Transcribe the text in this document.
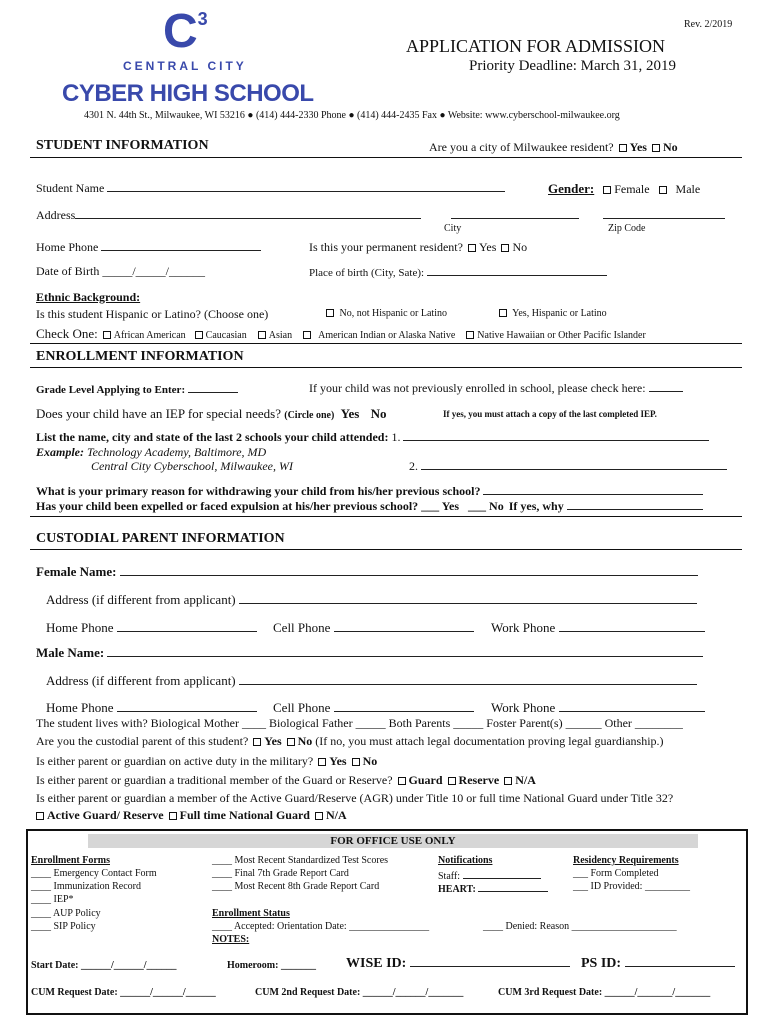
Rev. 2/2019
$C^3$
CENTRAL CITY
CYBER HIGH SCHOOL
APPLICATION FOR ADMISSION
Priority Deadline: March 31, 2019
4301 N. 44th St., Milwaukee, WI 53216 ● (414) 444-2330 Phone ● (414) 444-2435 Fax ● Website: www.cyberschool-milwaukee.org
STUDENT INFORMATION	Are you a city of Milwaukee resident? Yes No
Student Name	Gender: Female Male
Address
City	Zip Code
Home Phone	Is this your permanent resident? Yes No
Date of Birth _____/_____/______	Place of birth (City, Sate):
Ethnic Background:
Is this student Hispanic or Latino? (Choose one)	No, not Hispanic or Latino	Yes, Hispanic or Latino
Check One: African American Caucasian Asian	American Indian or Alaska Native Native Hawaiian or Other Pacific Islander
ENROLLMENT INFORMATION
Grade Level Applying to Enter:	If your child was not previously enrolled in school, please check here:
Does your child have an IEP for special needs? (Circle one) Yes No	If yes, you must attach a copy of the last completed IEP.
List the name, city and state of the last 2 schools your child attended: 1.
Example: Technology Academy, Baltimore, MD
Central City Cyberschool, Milwaukee, WI	2.
What is your primary reason for withdrawing your child from his/her previous school?
Has your child been expelled or faced expulsion at his/her previous school? ___ Yes ___ No If yes, why
CUSTODIAL PARENT INFORMATION
Female Name:
Address (if different from applicant)
Home Phone	Cell Phone	Work Phone
Male Name:
Address (if different from applicant)
Home Phone	Cell Phone	Work Phone
The student lives with? Biological Mother ____ Biological Father _____ Both Parents _____ Foster Parent(s) ______ Other ________
Are you the custodial parent of this student? Yes No (If no, you must attach legal documentation proving legal guardianship.)
Is either parent or guardian on active duty in the military? Yes No
Is either parent or guardian a traditional member of the Guard or Reserve? Guard Reserve N/A
Is either parent or guardian a member of the Active Guard/Reserve (AGR) under Title 10 or full time National Guard under Title 32?
Active Guard/ Reserve Full time National Guard N/A
FOR OFFICE USE ONLY
Enrollment Forms
____ Emergency Contact Form
____ Immunization Record
____ IEP*
____ AUP Policy
____ SIP Policy
____ Most Recent Standardized Test Scores
____ Final 7th Grade Report Card
____ Most Recent 8th Grade Report Card
Enrollment Status
____ Accepted: Orientation Date: ________________	____ Denied: Reason _____________________
NOTES:
Notifications
Staff:
HEART:
Residency Requirements
___ Form Completed
___ ID Provided: _________
Start Date: ______/______/______	Homeroom: _______ WISE ID:	PS ID:
CUM Request Date: ______/______/______	CUM 2nd Request Date: ______/______/_______	CUM 3rd Request Date: ______/_______/_______
